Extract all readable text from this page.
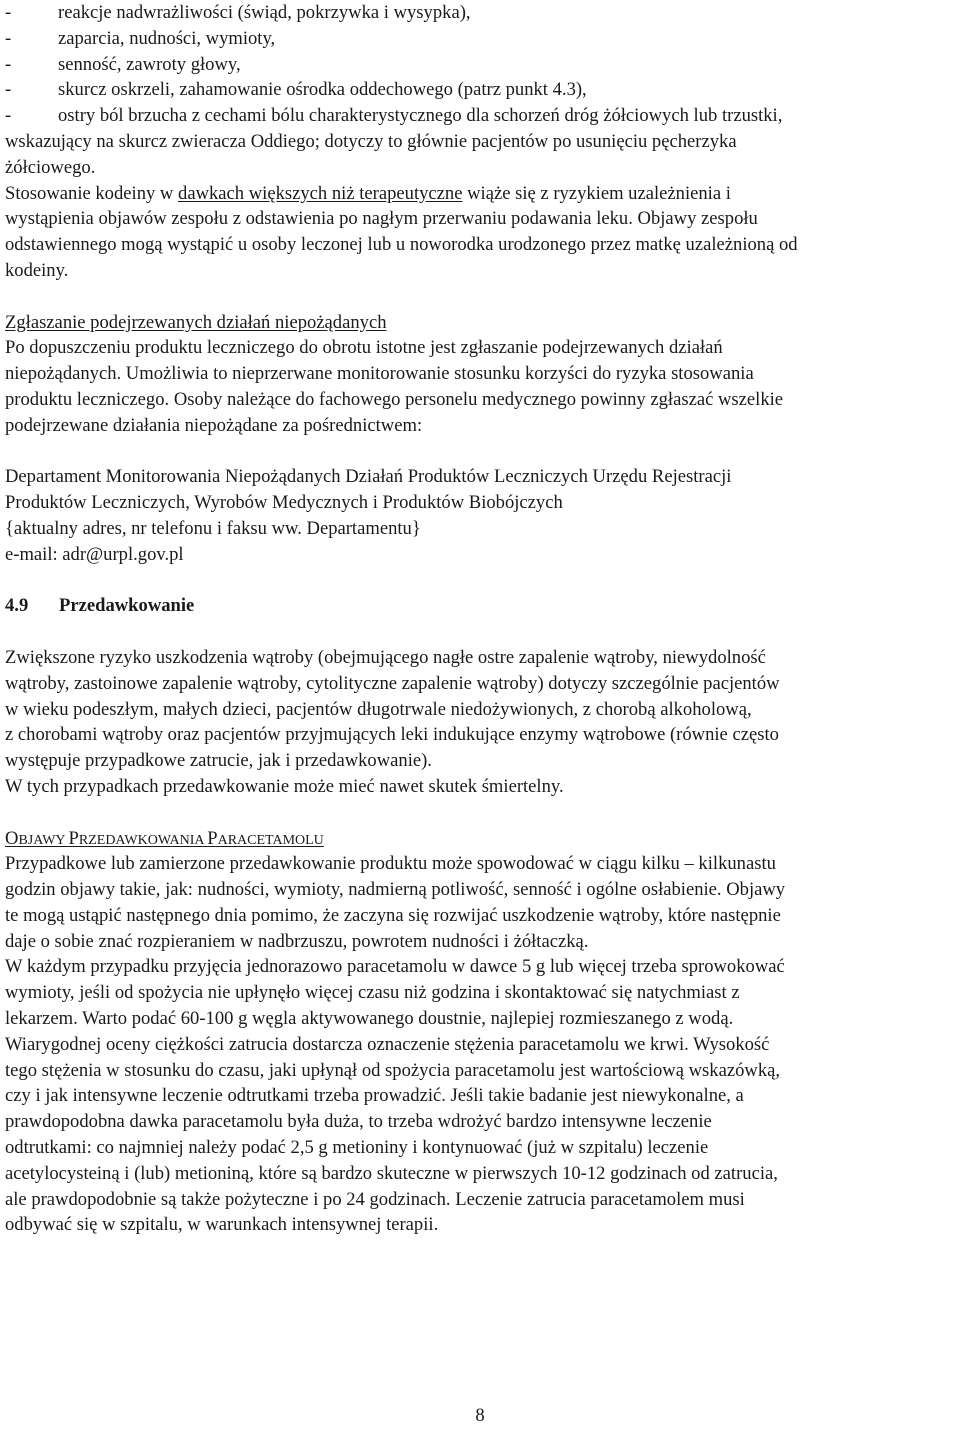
-	reakcje nadwrażliwości (świąd, pokrzywka i wysypka),
-	zaparcia, nudności, wymioty,
-	senność, zawroty głowy,
-	skurcz oskrzeli, zahamowanie ośrodka oddechowego (patrz punkt 4.3),
-	ostry ból brzucha z cechami bólu charakterystycznego dla schorzeń dróg żółciowych lub trzustki,
wskazujący na skurcz zwieracza Oddiego; dotyczy to głównie pacjentów po usunięciu pęcherzyka
żółciowego.
Stosowanie kodeiny w dawkach większych niż terapeutyczne wiąże się z ryzykiem uzależnienia i
wystąpienia objawów zespołu z odstawienia po nagłym przerwaniu podawania leku. Objawy zespołu
odstawiennego mogą wystąpić u osoby leczonej lub u noworodka urodzonego przez matkę uzależnioną od
kodeiny.
Zgłaszanie podejrzewanych działań niepożądanych
Po dopuszczeniu produktu leczniczego do obrotu istotne jest zgłaszanie podejrzewanych działań
niepożądanych. Umożliwia to nieprzerwane monitorowanie stosunku korzyści do ryzyka stosowania
produktu leczniczego. Osoby należące do fachowego personelu medycznego powinny zgłaszać wszelkie
podejrzewane działania niepożądane za pośrednictwem:
Departament Monitorowania Niepożądanych Działań Produktów Leczniczych Urzędu Rejestracji
Produktów Leczniczych, Wyrobów Medycznych i Produktów Biobójczych
{aktualny adres, nr telefonu i faksu ww. Departamentu}
e-mail: adr@urpl.gov.pl
4.9 Przedawkowanie
Zwiększone ryzyko uszkodzenia wątroby (obejmującego nagłe ostre zapalenie wątroby, niewydolność
wątroby, zastoinowe zapalenie wątroby, cytolityczne zapalenie wątroby) dotyczy szczególnie pacjentów
w wieku podeszłym, małych dzieci, pacjentów długotrwale niedożywionych, z chorobą alkoholową,
z chorobami wątroby oraz pacjentów przyjmujących leki indukujące enzymy wątrobowe (równie często
występuje przypadkowe zatrucie, jak i przedawkowanie).
W tych przypadkach przedawkowanie może mieć nawet skutek śmiertelny.
OBJAWY PRZEDAWKOWANIA PARACETAMOLU
Przypadkowe lub zamierzone przedawkowanie produktu może spowodować w ciągu kilku – kilkunastu
godzin objawy takie, jak: nudności, wymioty, nadmierną potliwość, senność i ogólne osłabienie. Objawy
te mogą ustąpić następnego dnia pomimo, że zaczyna się rozwijać uszkodzenie wątroby, które następnie
daje o sobie znać rozpieraniem w nadbrzuszu, powrotem nudności i żółtaczką.
W każdym przypadku przyjęcia jednorazowo paracetamolu w dawce 5 g lub więcej trzeba sprowokować
wymioty, jeśli od spożycia nie upłynęło więcej czasu niż godzina i skontaktować się natychmiast z
lekarzem. Warto podać 60-100 g węgla aktywowanego doustnie, najlepiej rozmieszanego z wodą.
Wiarygodnej oceny ciężkości zatrucia dostarcza oznaczenie stężenia paracetamolu we krwi. Wysokość
tego stężenia w stosunku do czasu, jaki upłynął od spożycia paracetamolu jest wartościową wskazówką,
czy i jak intensywne leczenie odtrutkami trzeba prowadzić. Jeśli takie badanie jest niewykonalne, a
prawdopodobna dawka paracetamolu była duża, to trzeba wdrożyć bardzo intensywne leczenie
odtrutkami: co najmniej należy podać 2,5 g metioniny i kontynuować (już w szpitalu) leczenie
acetylocysteiną i (lub) metioniną, które są bardzo skuteczne w pierwszych 10-12 godzinach od zatrucia,
ale prawdopodobnie są także pożyteczne i po 24 godzinach. Leczenie zatrucia paracetamolem musi
odbywać się w szpitalu, w warunkach intensywnej terapii.
8
